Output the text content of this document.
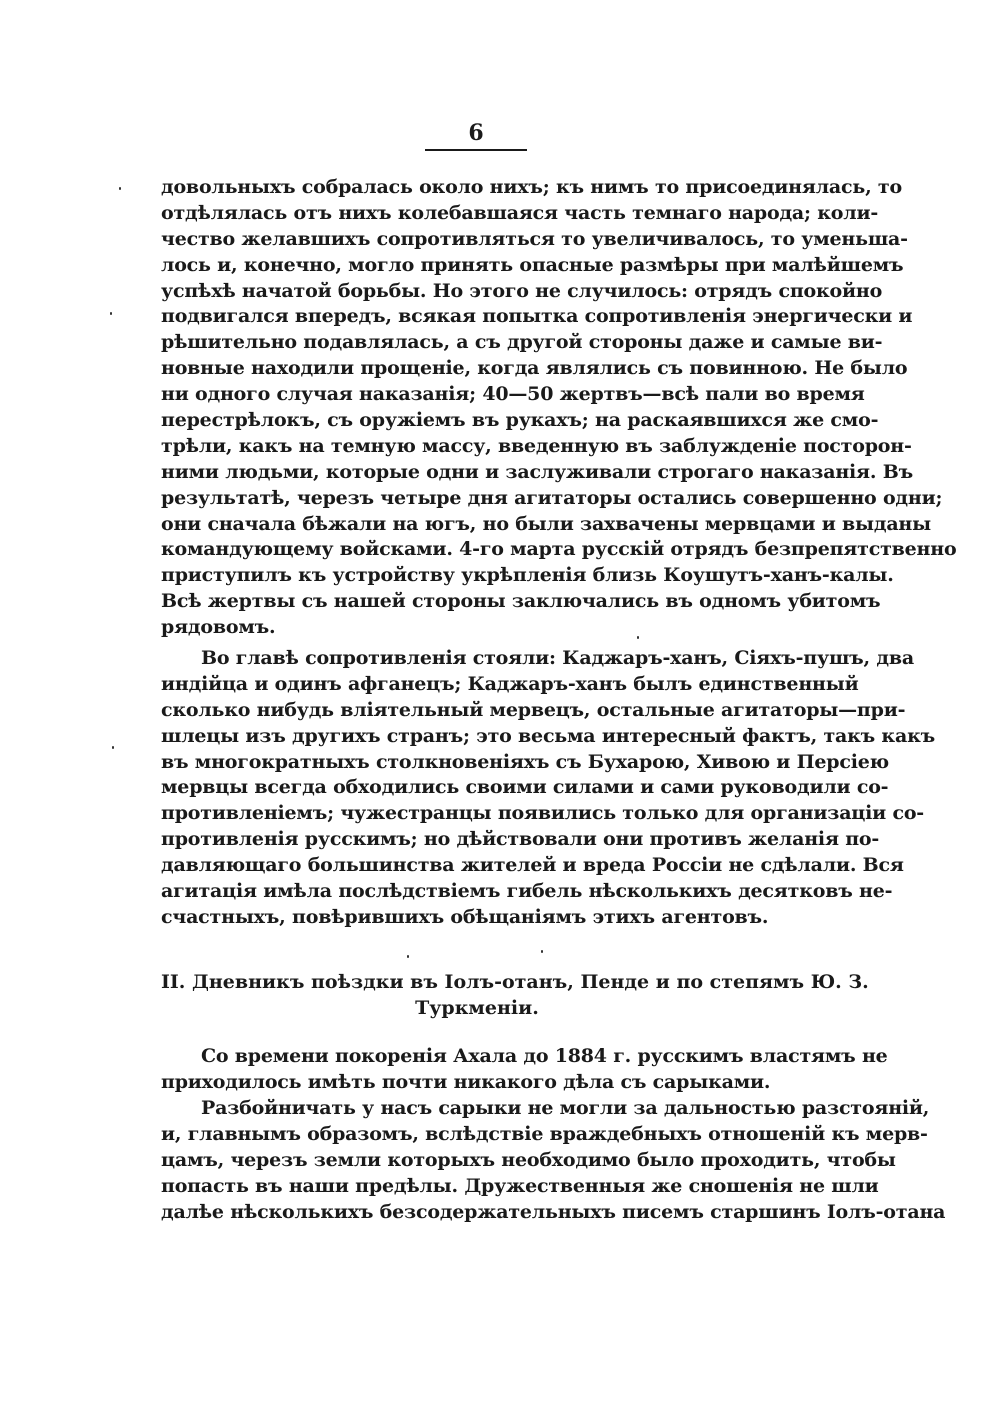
6
довольныхъ собралась около нихъ; къ нимъ то присоединялась, то
отдѣлялась отъ нихъ колебавшаяся часть темнаго народа; коли-
чество желавшихъ сопротивляться то увеличивалось, то уменьша-
лось и, конечно, могло принять опасные размѣры при малѣйшемъ
успѣхѣ начатой борьбы. Но этого не случилось: отрядъ спокойно
подвигался впередъ, всякая попытка сопротивленія энергически и
рѣшительно подавлялась, а съ другой стороны даже и самые ви-
новные находили прощеніе, когда являлись съ повинною. Не было
ни одного случая наказанія; 40—50 жертвъ—всѣ пали во время
перестрѣлокъ, съ оружіемъ въ рукахъ; на раскаявшихся же смо-
трѣли, какъ на темную массу, введенную въ заблужденіе посторон-
ними людьми, которые одни и заслуживали строгаго наказанія. Въ
результатѣ, черезъ четыре дня агитаторы остались совершенно одни;
они сначала бѣжали на югъ, но были захвачены мервцами и выданы
командующему войсками. 4-го марта русскій отрядъ безпрепятственно
приступилъ къ устройству укрѣпленія близь Коушутъ-ханъ-калы.
Всѣ жертвы съ нашей стороны заключались въ одномъ убитомъ
рядовомъ.
Во главѣ сопротивленія стояли: Каджаръ-ханъ, Сіяхъ-пушъ, два
индійца и одинъ афганецъ; Каджаръ-ханъ былъ единственный
сколько нибудь вліятельный мервецъ, остальные агитаторы—при-
шлецы изъ другихъ странъ; это весьма интересный фактъ, такъ какъ
въ многократныхъ столкновеніяхъ съ Бухарою, Хивою и Персіею
мервцы всегда обходились своими силами и сами руководили со-
противленіемъ; чужестранцы появились только для организаціи со-
противленія русскимъ; но дѣйствовали они противъ желанія по-
давляющаго большинства жителей и вреда Россіи не сдѣлали. Вся
агитація имѣла послѣдствіемъ гибель нѣсколькихъ десятковъ не-
счастныхъ, повѣрившихъ обѣщаніямъ этихъ агентовъ.
II. Дневникъ поѣздки въ Іолъ-отанъ, Пенде и по степямъ Ю. З.
Туркменіи.
Со времени покоренія Ахала до 1884 г. русскимъ властямъ не
приходилось имѣть почти никакого дѣла съ сарыками.
Разбойничать у насъ сарыки не могли за дальностью разстояній,
и, главнымъ образомъ, вслѣдствіе враждебныхъ отношеній къ мерв-
цамъ, черезъ земли которыхъ необходимо было проходить, чтобы
попасть въ наши предѣлы. Дружественныя же сношенія не шли
далѣе нѣсколькихъ безсодержательныхъ писемъ старшинъ Іолъ-отана
